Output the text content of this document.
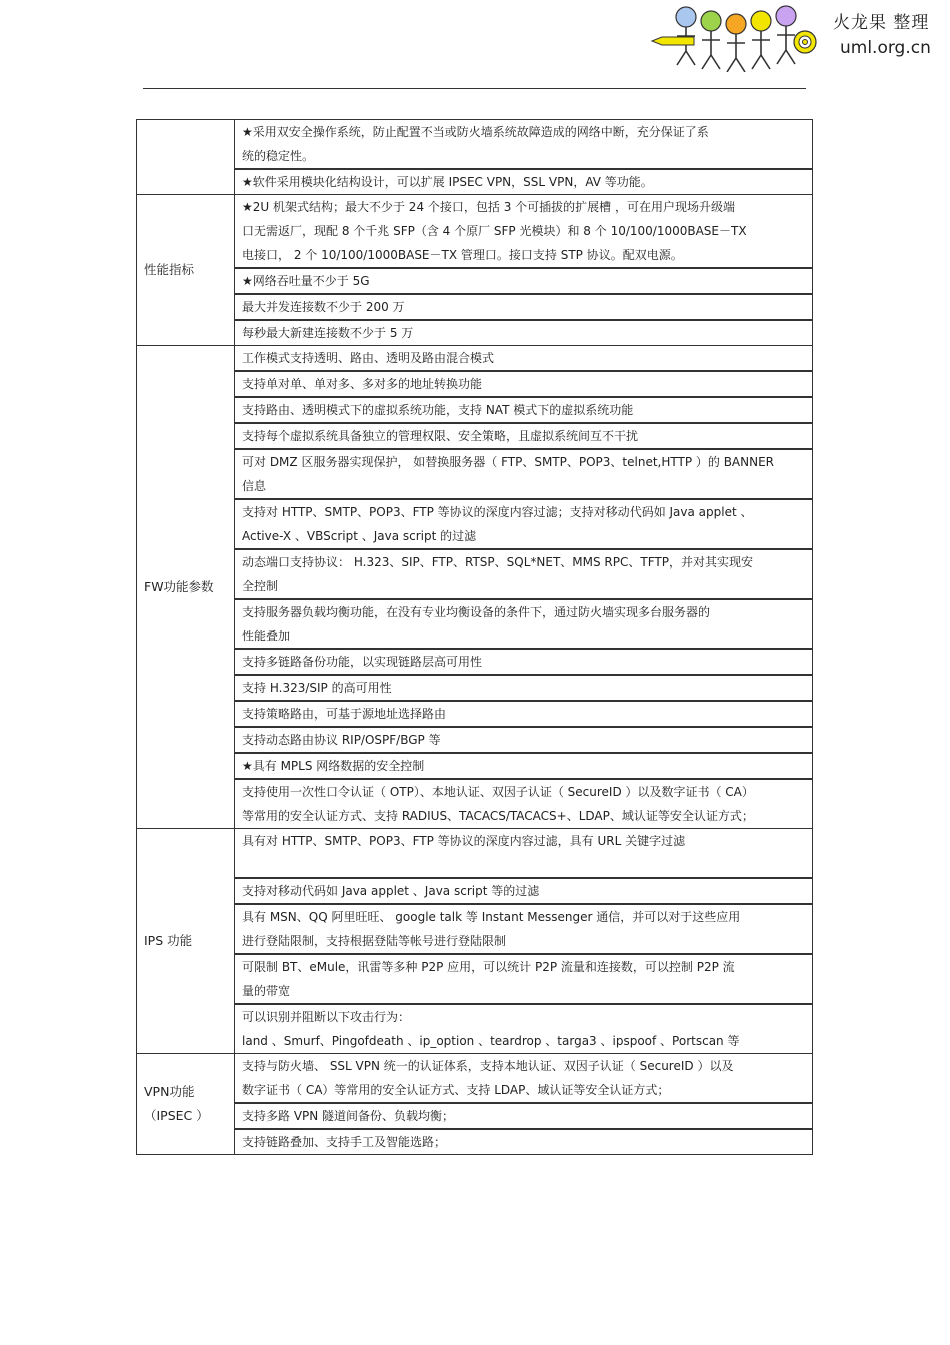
火龙果 整理
uml.org.cn

	★采用双安全操作系统，防止配置不当或防火墙系统故障造成的网络中断，充分保证了系
统的稳定性。

	★软件采用模块化结构设计，可以扩展 IPSEC VPN，SSL VPN，AV 等功能。

性能指标	★2U 机架式结构；最大不少于 24 个接口，包括 3 个可插拔的扩展槽 ，可在用户现场升级端
口无需返厂，现配 8 个千兆 SFP（含 4 个原厂 SFP 光模块）和 8 个 10/100/1000BASE－TX
电接口， 2 个 10/100/1000BASE－TX 管理口。接口支持 STP 协议。配双电源。

	★网络吞吐量不少于 5G

	最大并发连接数不少于 200 万

	每秒最大新建连接数不少于 5 万

FW功能参数	工作模式支持透明、路由、透明及路由混合模式

	支持单对单、单对多、多对多的地址转换功能

	支持路由、透明模式下的虚拟系统功能，支持 NAT 模式下的虚拟系统功能

	支持每个虚拟系统具备独立的管理权限、安全策略，且虚拟系统间互不干扰

	可对 DMZ 区服务器实现保护， 如替换服务器（ FTP、SMTP、POP3、telnet,HTTP ）的 BANNER
信息

	支持对 HTTP、SMTP、POP3、FTP 等协议的深度内容过滤；支持对移动代码如 Java applet 、
Active-X 、VBScript 、Java script 的过滤

	动态端口支持协议： H.323、SIP、FTP、RTSP、SQL*NET、MMS RPC、TFTP，并对其实现安
全控制

	支持服务器负载均衡功能，在没有专业均衡设备的条件下，通过防火墙实现多台服务器的
性能叠加

	支持多链路备份功能，以实现链路层高可用性

	支持 H.323/SIP 的高可用性

	支持策略路由，可基于源地址选择路由

	支持动态路由协议 RIP/OSPF/BGP 等

	★具有 MPLS 网络数据的安全控制

	支持使用一次性口令认证（ OTP）、本地认证、双因子认证（ SecureID ）以及数字证书（ CA）
等常用的安全认证方式、支持 RADIUS、TACACS/TACACS+、LDAP、域认证等安全认证方式；

IPS 功能	具有对 HTTP、SMTP、POP3、FTP 等协议的深度内容过滤，具有 URL 关键字过滤

	支持对移动代码如 Java applet 、Java script 等的过滤

	具有 MSN、QQ 阿里旺旺、 google talk 等 Instant Messenger 通信，并可以对于这些应用
进行登陆限制，支持根据登陆等帐号进行登陆限制

	可限制 BT、eMule，讯雷等多种 P2P 应用，可以统计 P2P 流量和连接数，可以控制 P2P 流
量的带宽

	可以识别并阻断以下攻击行为：
land 、Smurf、Pingofdeath 、ip_option 、teardrop 、targa3 、ipspoof 、Portscan 等

VPN功能
（IPSEC ）	支持与防火墙、 SSL VPN 统一的认证体系，支持本地认证、双因子认证（ SecureID ）以及
数字证书（ CA）等常用的安全认证方式、支持 LDAP、域认证等安全认证方式；

	支持多路 VPN 隧道间备份、负载均衡；

	支持链路叠加、支持手工及智能选路；
